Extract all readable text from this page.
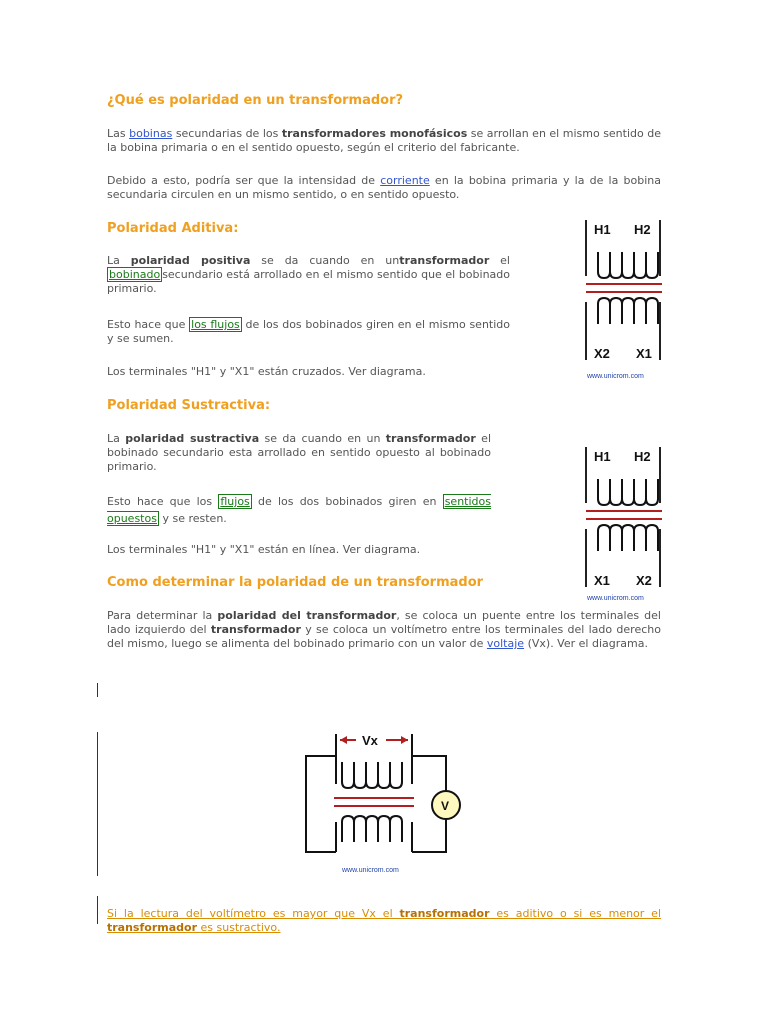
¿Qué es polaridad en un transformador?

Las bobinas secundarias de los transformadores monofásicos se arrollan en el mismo sentido de la bobina primaria o en el sentido opuesto, según el criterio del fabricante.

Debido a esto, podría ser que la intensidad de corriente en la bobina primaria y la de la bobina secundaria circulen en un mismo sentido, o en sentido opuesto.

Polaridad Aditiva:

La polaridad positiva se da cuando en untransformador el bobinado secundario está arrollado en el mismo sentido que el bobinado primario.

Esto hace que los flujos de los dos bobinados giren en el mismo sentido y se sumen.

Los terminales "H1" y "X1" están cruzados. Ver diagrama.

H1 H2
X2 X1
www.unicrom.com
Polaridad Sustractiva:

La polaridad sustractiva se da cuando en un transformador el bobinado secundario esta arrollado en sentido opuesto al bobinado primario.

Esto hace que los flujos de los dos bobinados giren en sentidos opuestos y se resten.

Los terminales "H1" y "X1" están en línea. Ver diagrama.

H1 H2
X1 X2
www.unicrom.com
Como determinar la polaridad de un transformador

Para determinar la polaridad del transformador, se coloca un puente entre los terminales del lado izquierdo del transformador y se coloca un voltímetro entre los terminales del lado derecho del mismo, luego se alimenta del bobinado primario con un valor de voltaje (Vx). Ver el diagrama.

Vx
V
www.unicrom.com

Si la lectura del voltímetro es mayor que Vx el transformador es aditivo o si es menor el transformador es sustractivo.
